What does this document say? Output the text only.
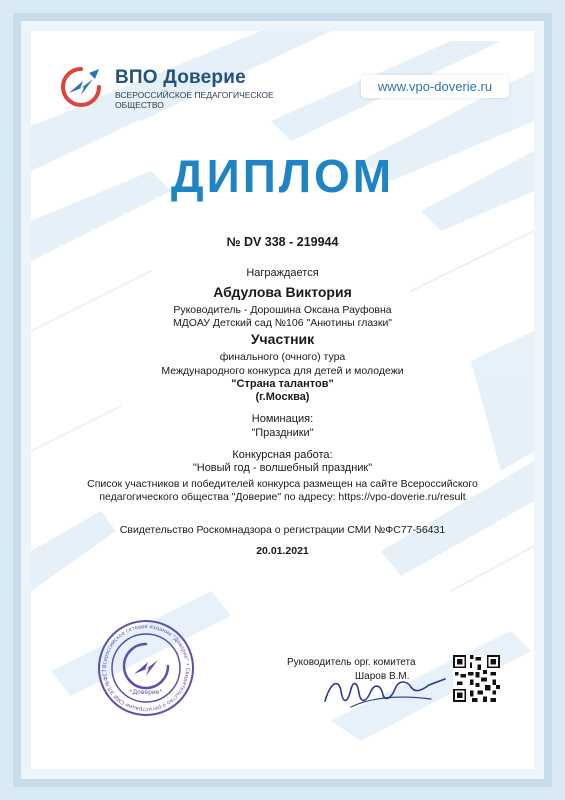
ВПО Доверие
ВСЕРОССИЙСКОЕ ПЕДАГОГИЧЕСКОЕ ОБЩЕСТВО
www.vpo-doverie.ru
ДИПЛОМ
№ DV 338 - 219944
Награждается
Абдулова Виктория
Руководитель - Дорошина Оксана Рауфовна
МДОАУ Детский сад №106 "Анютины глазки"
Участник
финального (очного) тура
Международного конкурса для детей и молодежи
"Страна талантов"
(г.Москва)
Номинация:
"Праздники"
Конкурсная работа:
"Новый год - волшебный праздник"
Список участников и победителей конкурса размещен на сайте Всероссийского педагогического общества "Доверие" по адресу: https://vpo-doverie.ru/result
Свидетельство Роскомнадзора о регистрации СМИ №ФС77-56431
20.01.2021
Всероссийское сетевое издание "Доверие" • Свидетельство о регистрации СМИ ЭЛ №ФС7
"Доверие"
Руководитель орг. комитета
Шаров В.М.
